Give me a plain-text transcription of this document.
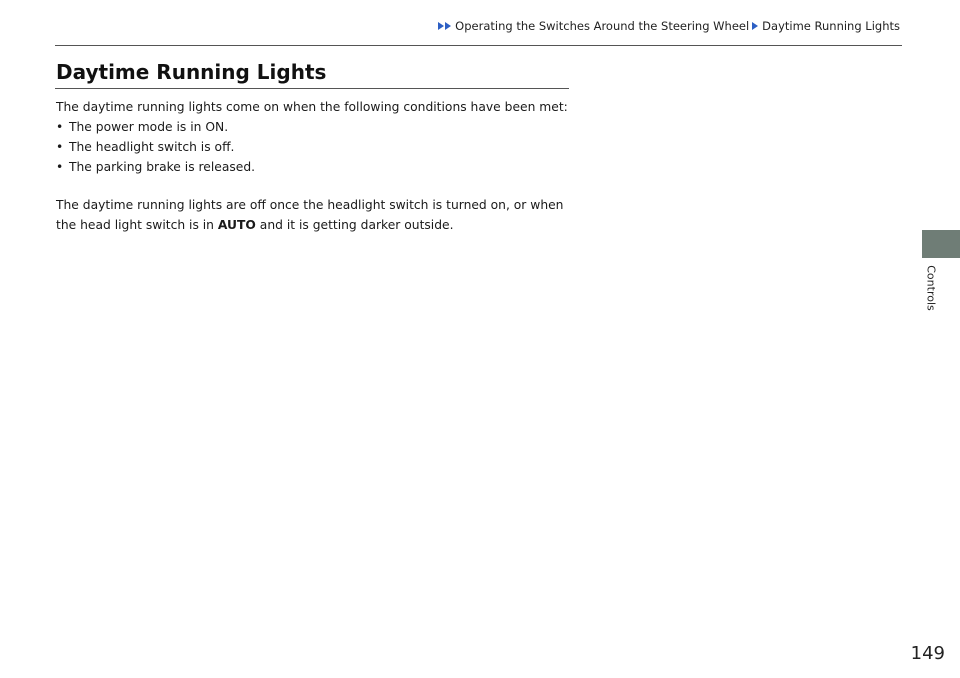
Operating the Switches Around the Steering Wheel Daytime Running Lights
Daytime Running Lights

The daytime running lights come on when the following conditions have been met:

• The power mode is in ON.
• The headlight switch is off.
• The parking brake is released.

The daytime running lights are off once the headlight switch is turned on, or when
the head light switch is in AUTO and it is getting darker outside.

Controls
149
